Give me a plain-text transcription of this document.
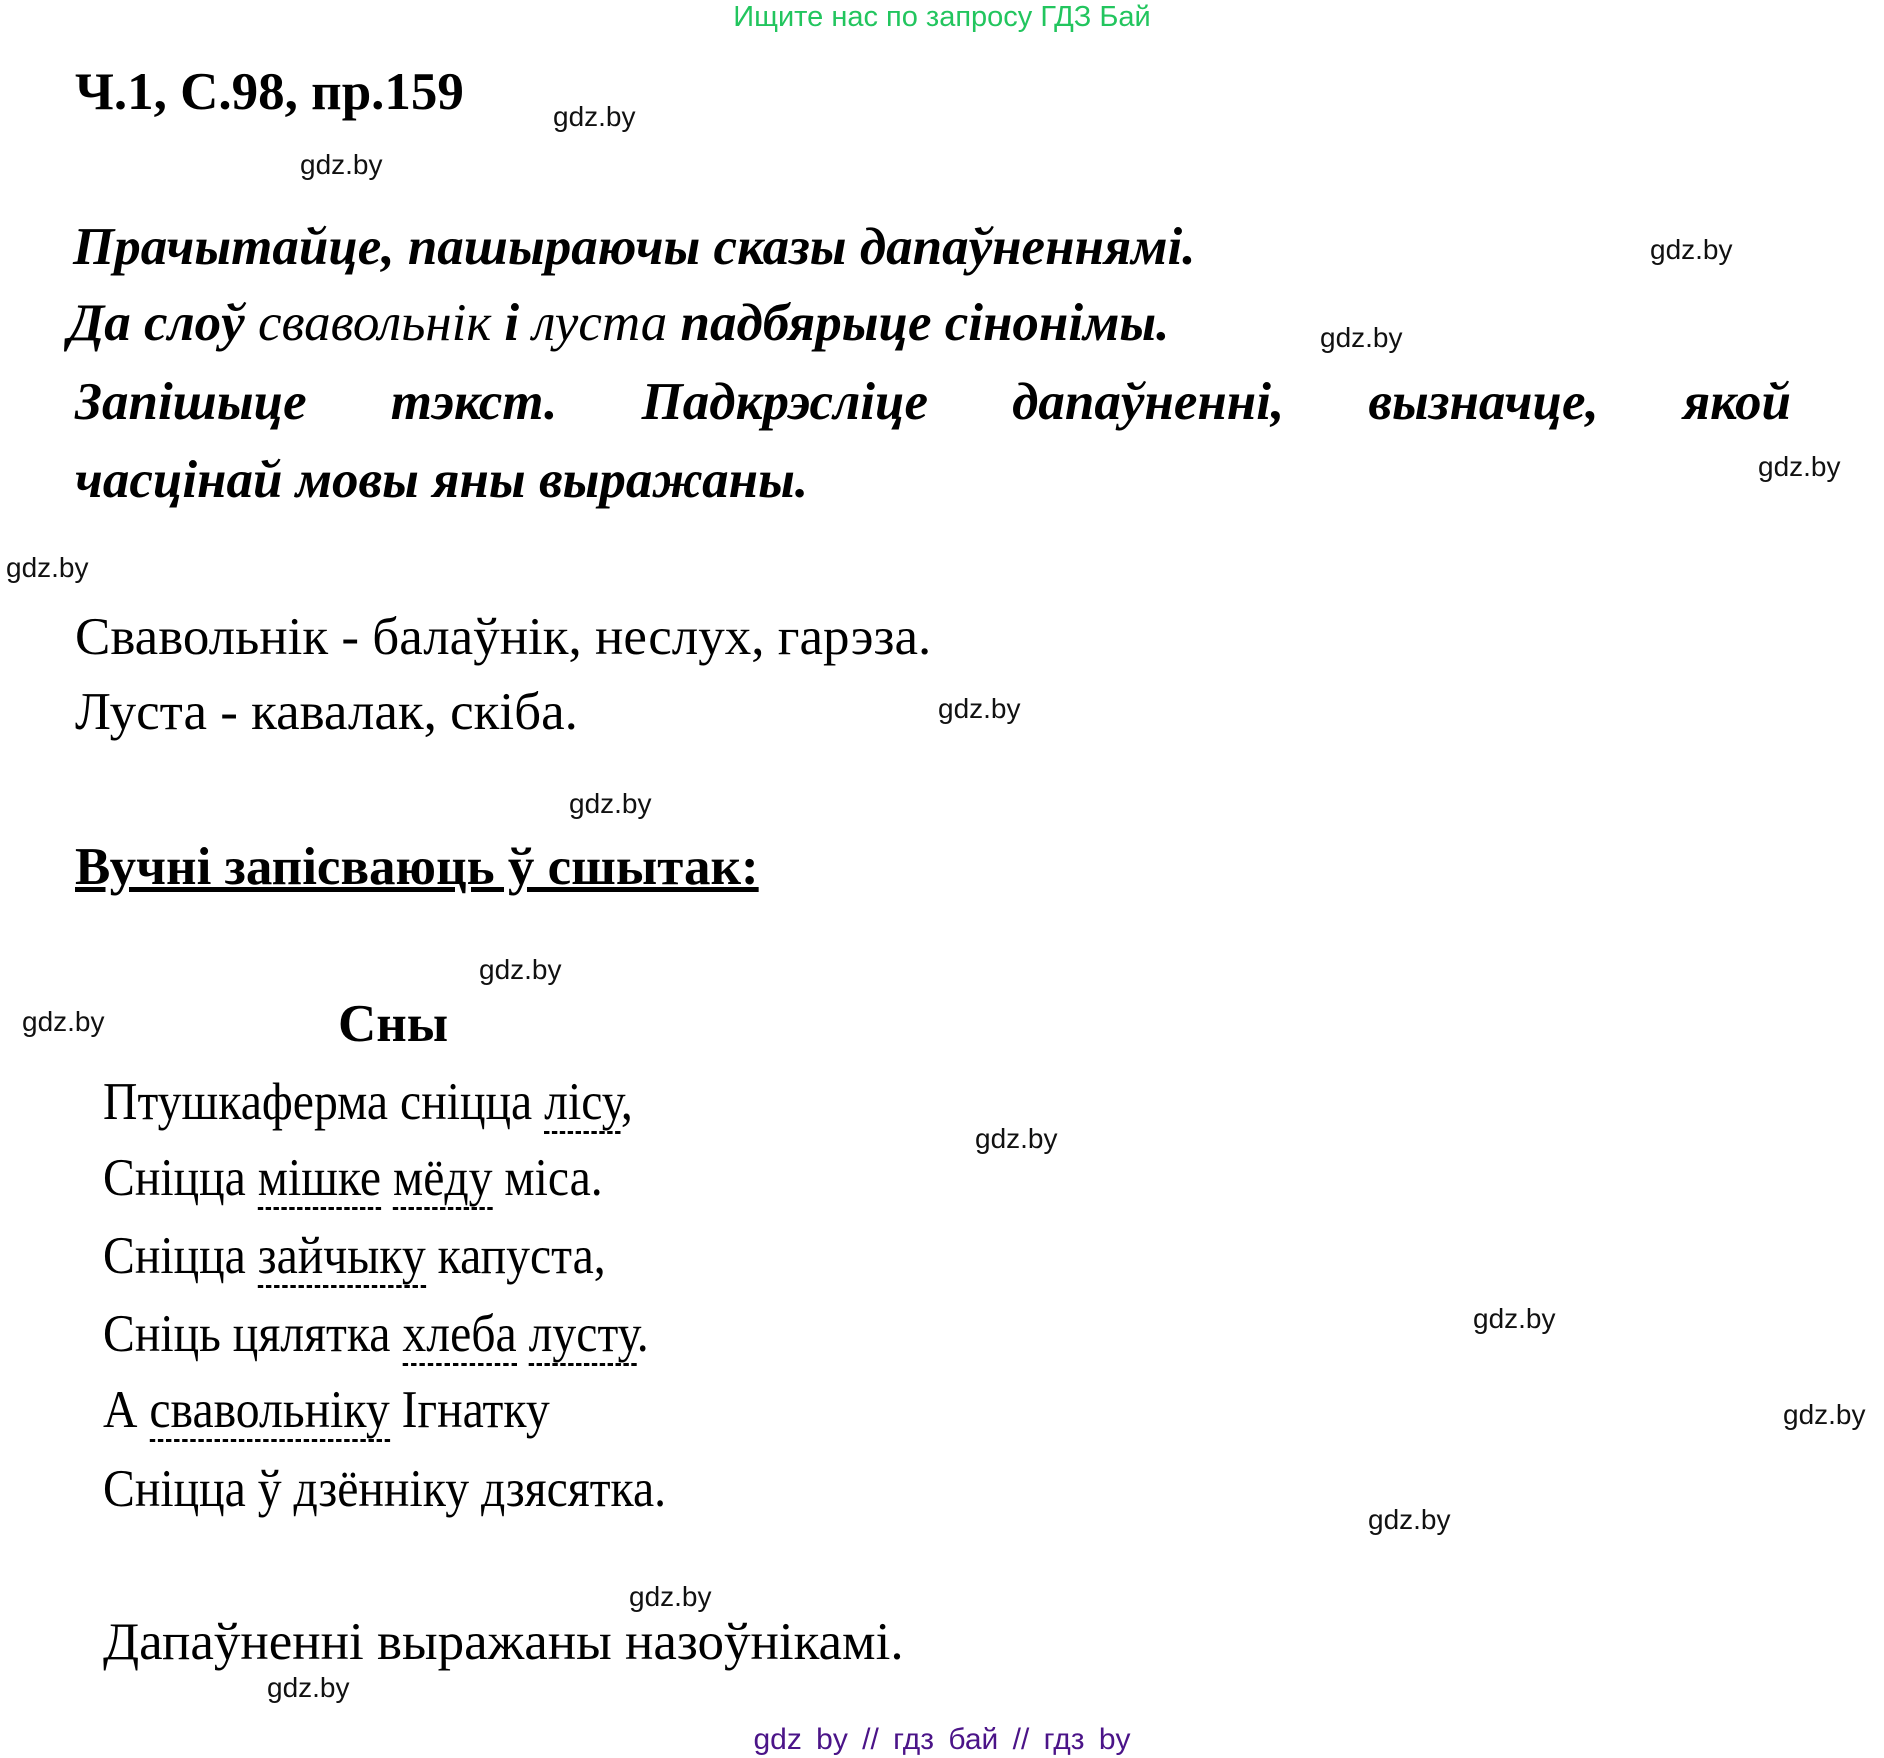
Ищите нас по запросу ГДЗ Бай
Ч.1, С.98, пр.159
Прачытайце, пашыраючы сказы дапаўненнямі.
Да слоў свавольнік і луста падбярыце сінонімы.
Запішыце тэкст. Падкрэсліце дапаўненні, вызначце, якой
часцінай мовы яны выражаны.
Свавольнік - балаўнік, неслух, гарэза.
Луста - кавалак, скіба.
Вучні запісваюць ў сшытак:
Сны
Птушкаферма сніцца лісу,
Сніцца мішке мёду міса.
Сніцца зайчыку капуста,
Сніць цялятка хлеба лусту.
А свавольніку Ігнатку
Сніцца ў дзённіку дзясятка.
Дапаўненні выражаны назоўнікамі.
gdz.by
gdz.by
gdz.by
gdz.by
gdz.by
gdz.by
gdz.by
gdz.by
gdz.by
gdz.by
gdz.by
gdz.by
gdz.by
gdz.by
gdz.by
gdz.by
gdz by // гдз бай // гдз by
